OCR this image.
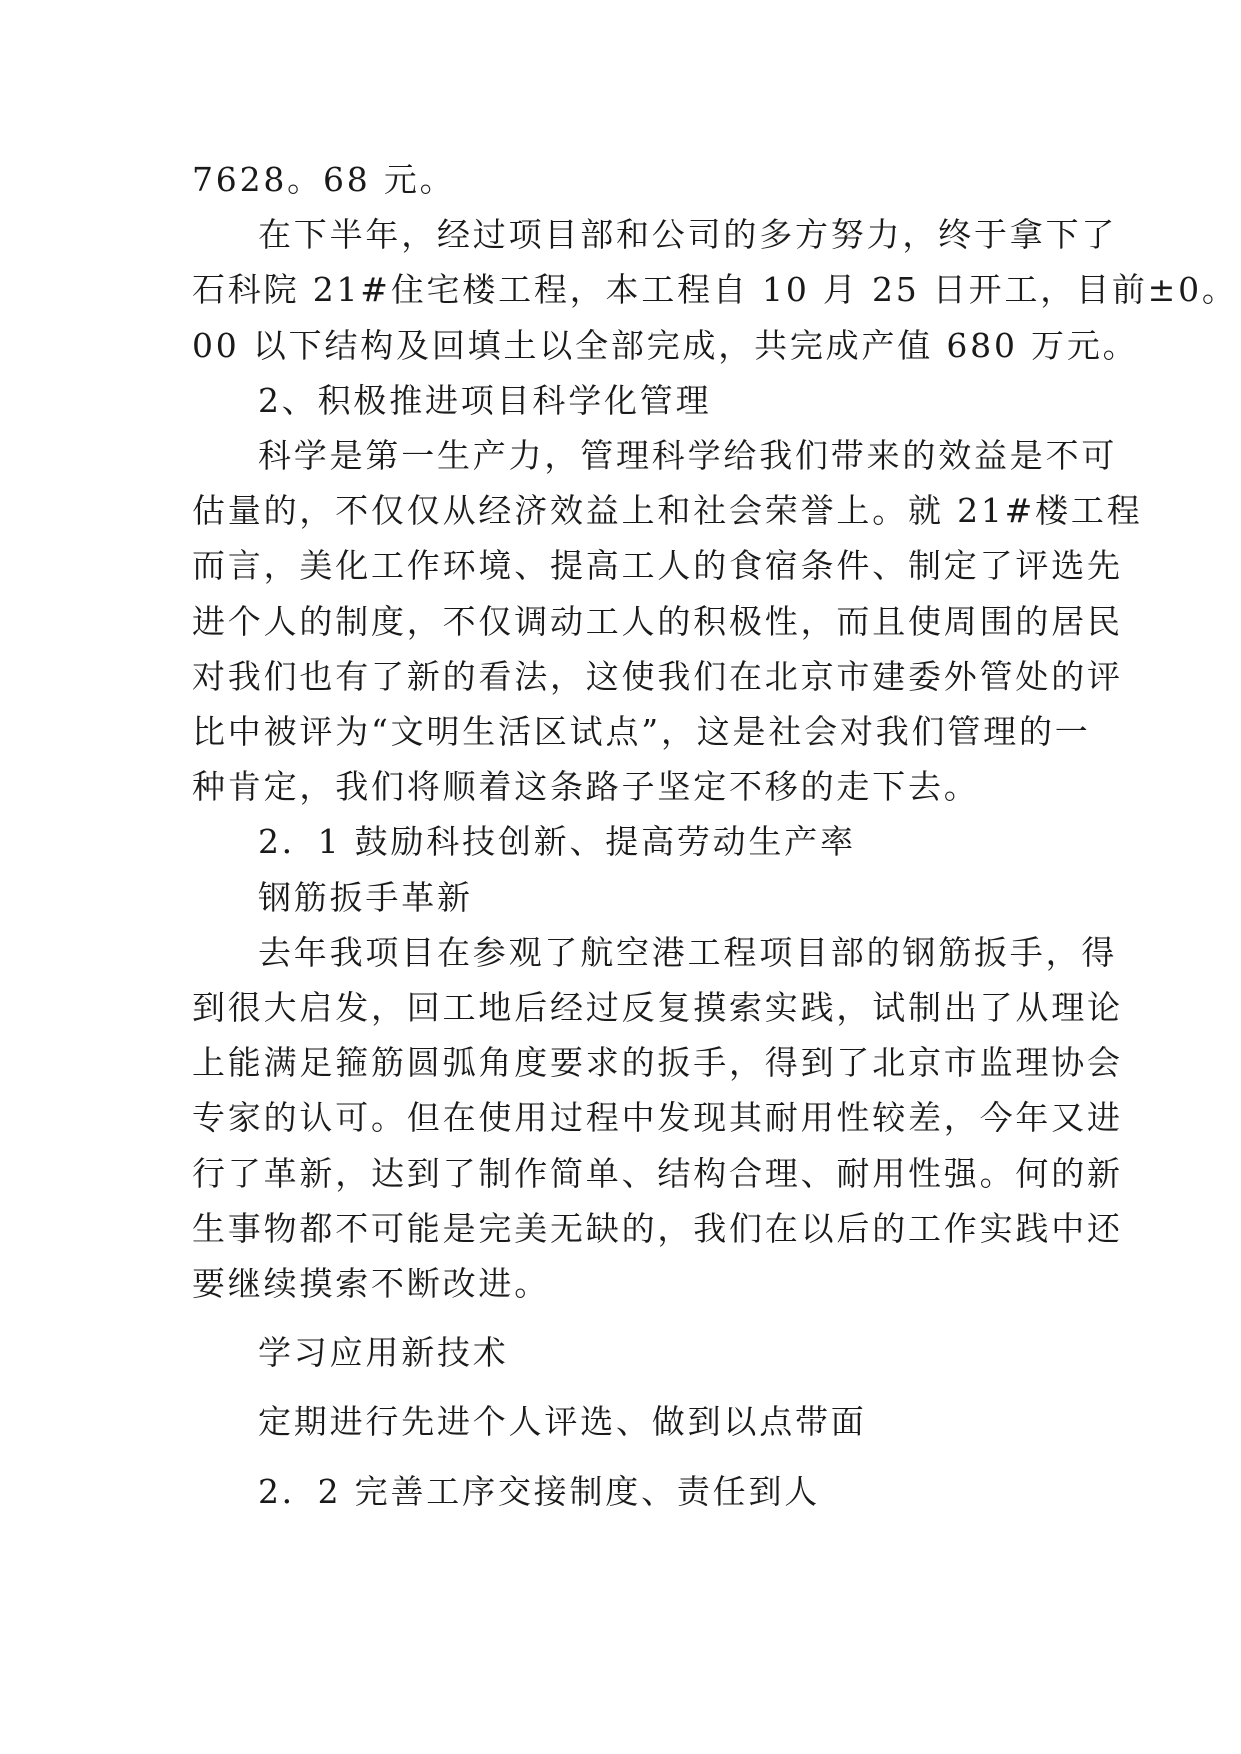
7628。68 元。

在下半年，经过项目部和公司的多方努力，终于拿下了

石科院 21#住宅楼工程，本工程自 10 月 25 日开工，目前±0。

00 以下结构及回填土以全部完成，共完成产值 680 万元。

2、积极推进项目科学化管理

科学是第一生产力，管理科学给我们带来的效益是不可

估量的，不仅仅从经济效益上和社会荣誉上。就 21#楼工程

而言，美化工作环境、提高工人的食宿条件、制定了评选先

进个人的制度，不仅调动工人的积极性，而且使周围的居民

对我们也有了新的看法，这使我们在北京市建委外管处的评

比中被评为“文明生活区试点”，这是社会对我们管理的一

种肯定，我们将顺着这条路子坚定不移的走下去。

2．1 鼓励科技创新、提高劳动生产率

钢筋扳手革新

去年我项目在参观了航空港工程项目部的钢筋扳手，得

到很大启发，回工地后经过反复摸索实践，试制出了从理论

上能满足箍筋圆弧角度要求的扳手，得到了北京市监理协会

专家的认可。但在使用过程中发现其耐用性较差，今年又进

行了革新，达到了制作简单、结构合理、耐用性强。何的新

生事物都不可能是完美无缺的，我们在以后的工作实践中还

要继续摸索不断改进。

学习应用新技术

定期进行先进个人评选、做到以点带面

2．2 完善工序交接制度、责任到人
